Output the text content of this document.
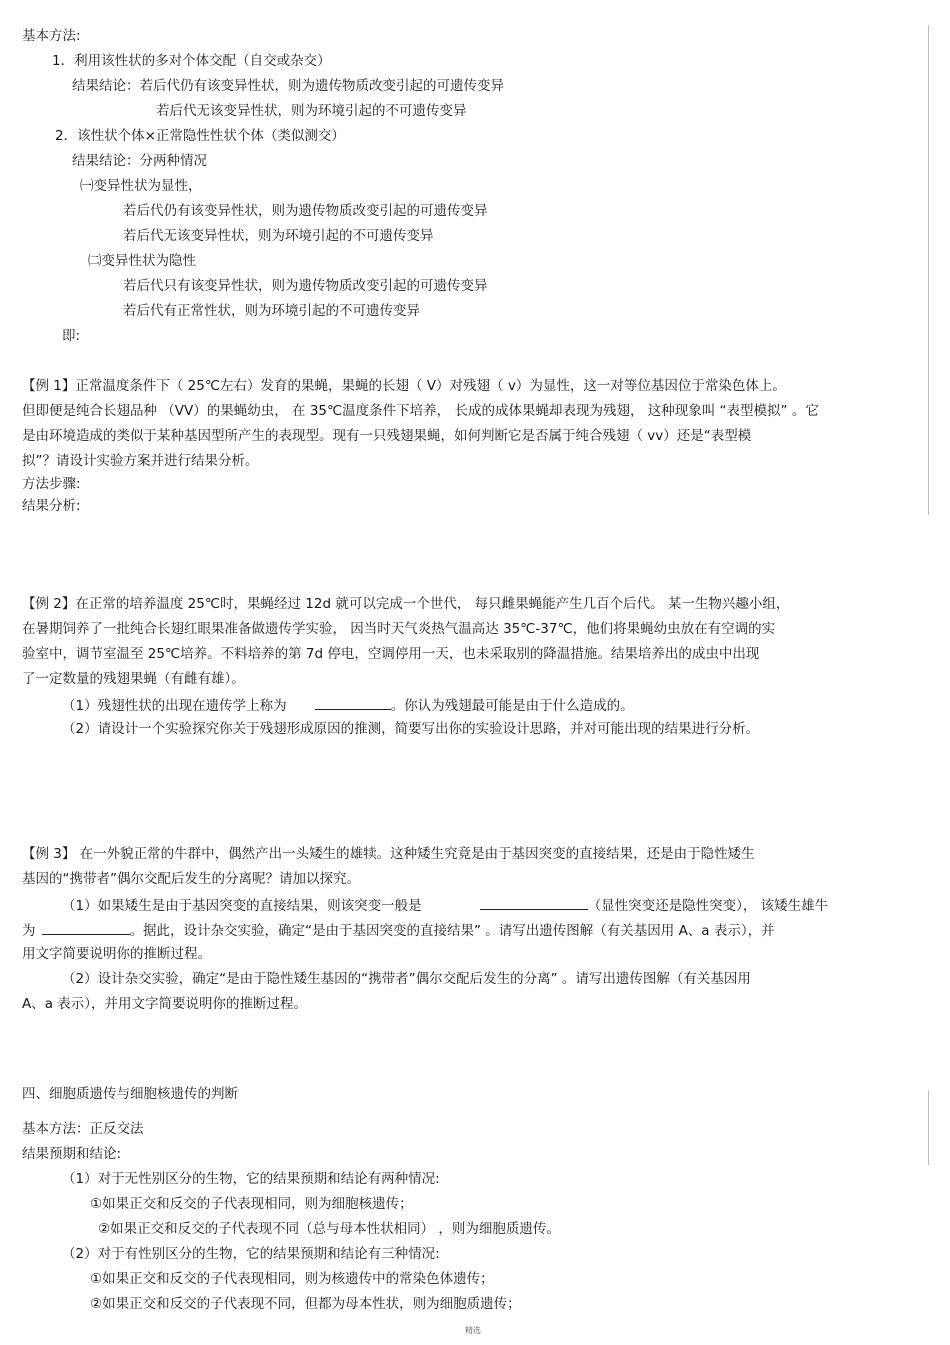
基本方法:
1．利用该性状的多对个体交配（自交或杂交）
结果结论：若后代仍有该变异性状，则为遗传物质改变引起的可遗传变异
若后代无该变异性状，则为环境引起的不可遗传变异
2．该性状个体×正常隐性性状个体（类似测交）
结果结论：分两种情况
㈠变异性状为显性，
若后代仍有该变异性状，则为遗传物质改变引起的可遗传变异
若后代无该变异性状，则为环境引起的不可遗传变异
㈡变异性状为隐性
若后代只有该变异性状，则为遗传物质改变引起的可遗传变异
若后代有正常性状，则为环境引起的不可遗传变异
即:
【例 1】正常温度条件下（ 25℃左右）发育的果蝇，果蝇的长翅（ V）对残翅（ v）为显性，这一对等位基因位于常染色体上。
但即便是纯合长翅品种 （VV）的果蝇幼虫， 在 35℃温度条件下培养， 长成的成体果蝇却表现为残翅， 这种现象叫 “表型模拟” 。它
是由环境造成的类似于某种基因型所产生的表现型。现有一只残翅果蝇，如何判断它是否属于纯合残翅（ vv）还是“表型模
拟”？请设计实验方案并进行结果分析。
方法步骤:
结果分析:
【例 2】在正常的培养温度 25℃时，果蝇经过 12d 就可以完成一个世代， 每只雌果蝇能产生几百个后代。 某一生物兴趣小组，
在暑期饲养了一批纯合长翅红眼果准备做遗传学实验， 因当时天气炎热气温高达 35℃-37℃，他们将果蝇幼虫放在有空调的实
验室中，调节室温至 25℃培养。不料培养的第 7d 停电，空调停用一天，也未采取别的降温措施。结果培养出的成虫中出现
了一定数量的残翅果蝇（有雌有雄）。
（1）残翅性状的出现在遗传学上称为	。你认为残翅最可能是由于什么造成的。
（2）请设计一个实验探究你关于残翅形成原因的推测，简要写出你的实验设计思路，并对可能出现的结果进行分析。
【例 3】 在一外貌正常的牛群中，偶然产出一头矮生的雄犊。这种矮生究竟是由于基因突变的直接结果，还是由于隐性矮生
基因的“携带者”偶尔交配后发生的分离呢？请加以探究。
（1）如果矮生是由于基因突变的直接结果，则该突变一般是	（显性突变还是隐性突变）， 该矮生雄牛
为	。据此，设计杂交实验，确定“是由于基因突变的直接结果” 。请写出遗传图解（有关基因用 A、a 表示），并
用文字简要说明你的推断过程。
（2）设计杂交实验，确定“是由于隐性矮生基因的“携带者”偶尔交配后发生的分离” 。请写出遗传图解（有关基因用
A、a 表示），并用文字简要说明你的推断过程。
四、细胞质遗传与细胞核遗传的判断
基本方法：正反交法
结果预期和结论:
（1）对于无性别区分的生物，它的结果预期和结论有两种情况:
①如果正交和反交的子代表现相同，则为细胞核遗传；
②如果正交和反交的子代表现不同（总与母本性状相同） ，则为细胞质遗传。
（2）对于有性别区分的生物，它的结果预期和结论有三种情况:
①如果正交和反交的子代表现相同，则为核遗传中的常染色体遗传；
②如果正交和反交的子代表现不同，但都为母本性状，则为细胞质遗传；
精选
